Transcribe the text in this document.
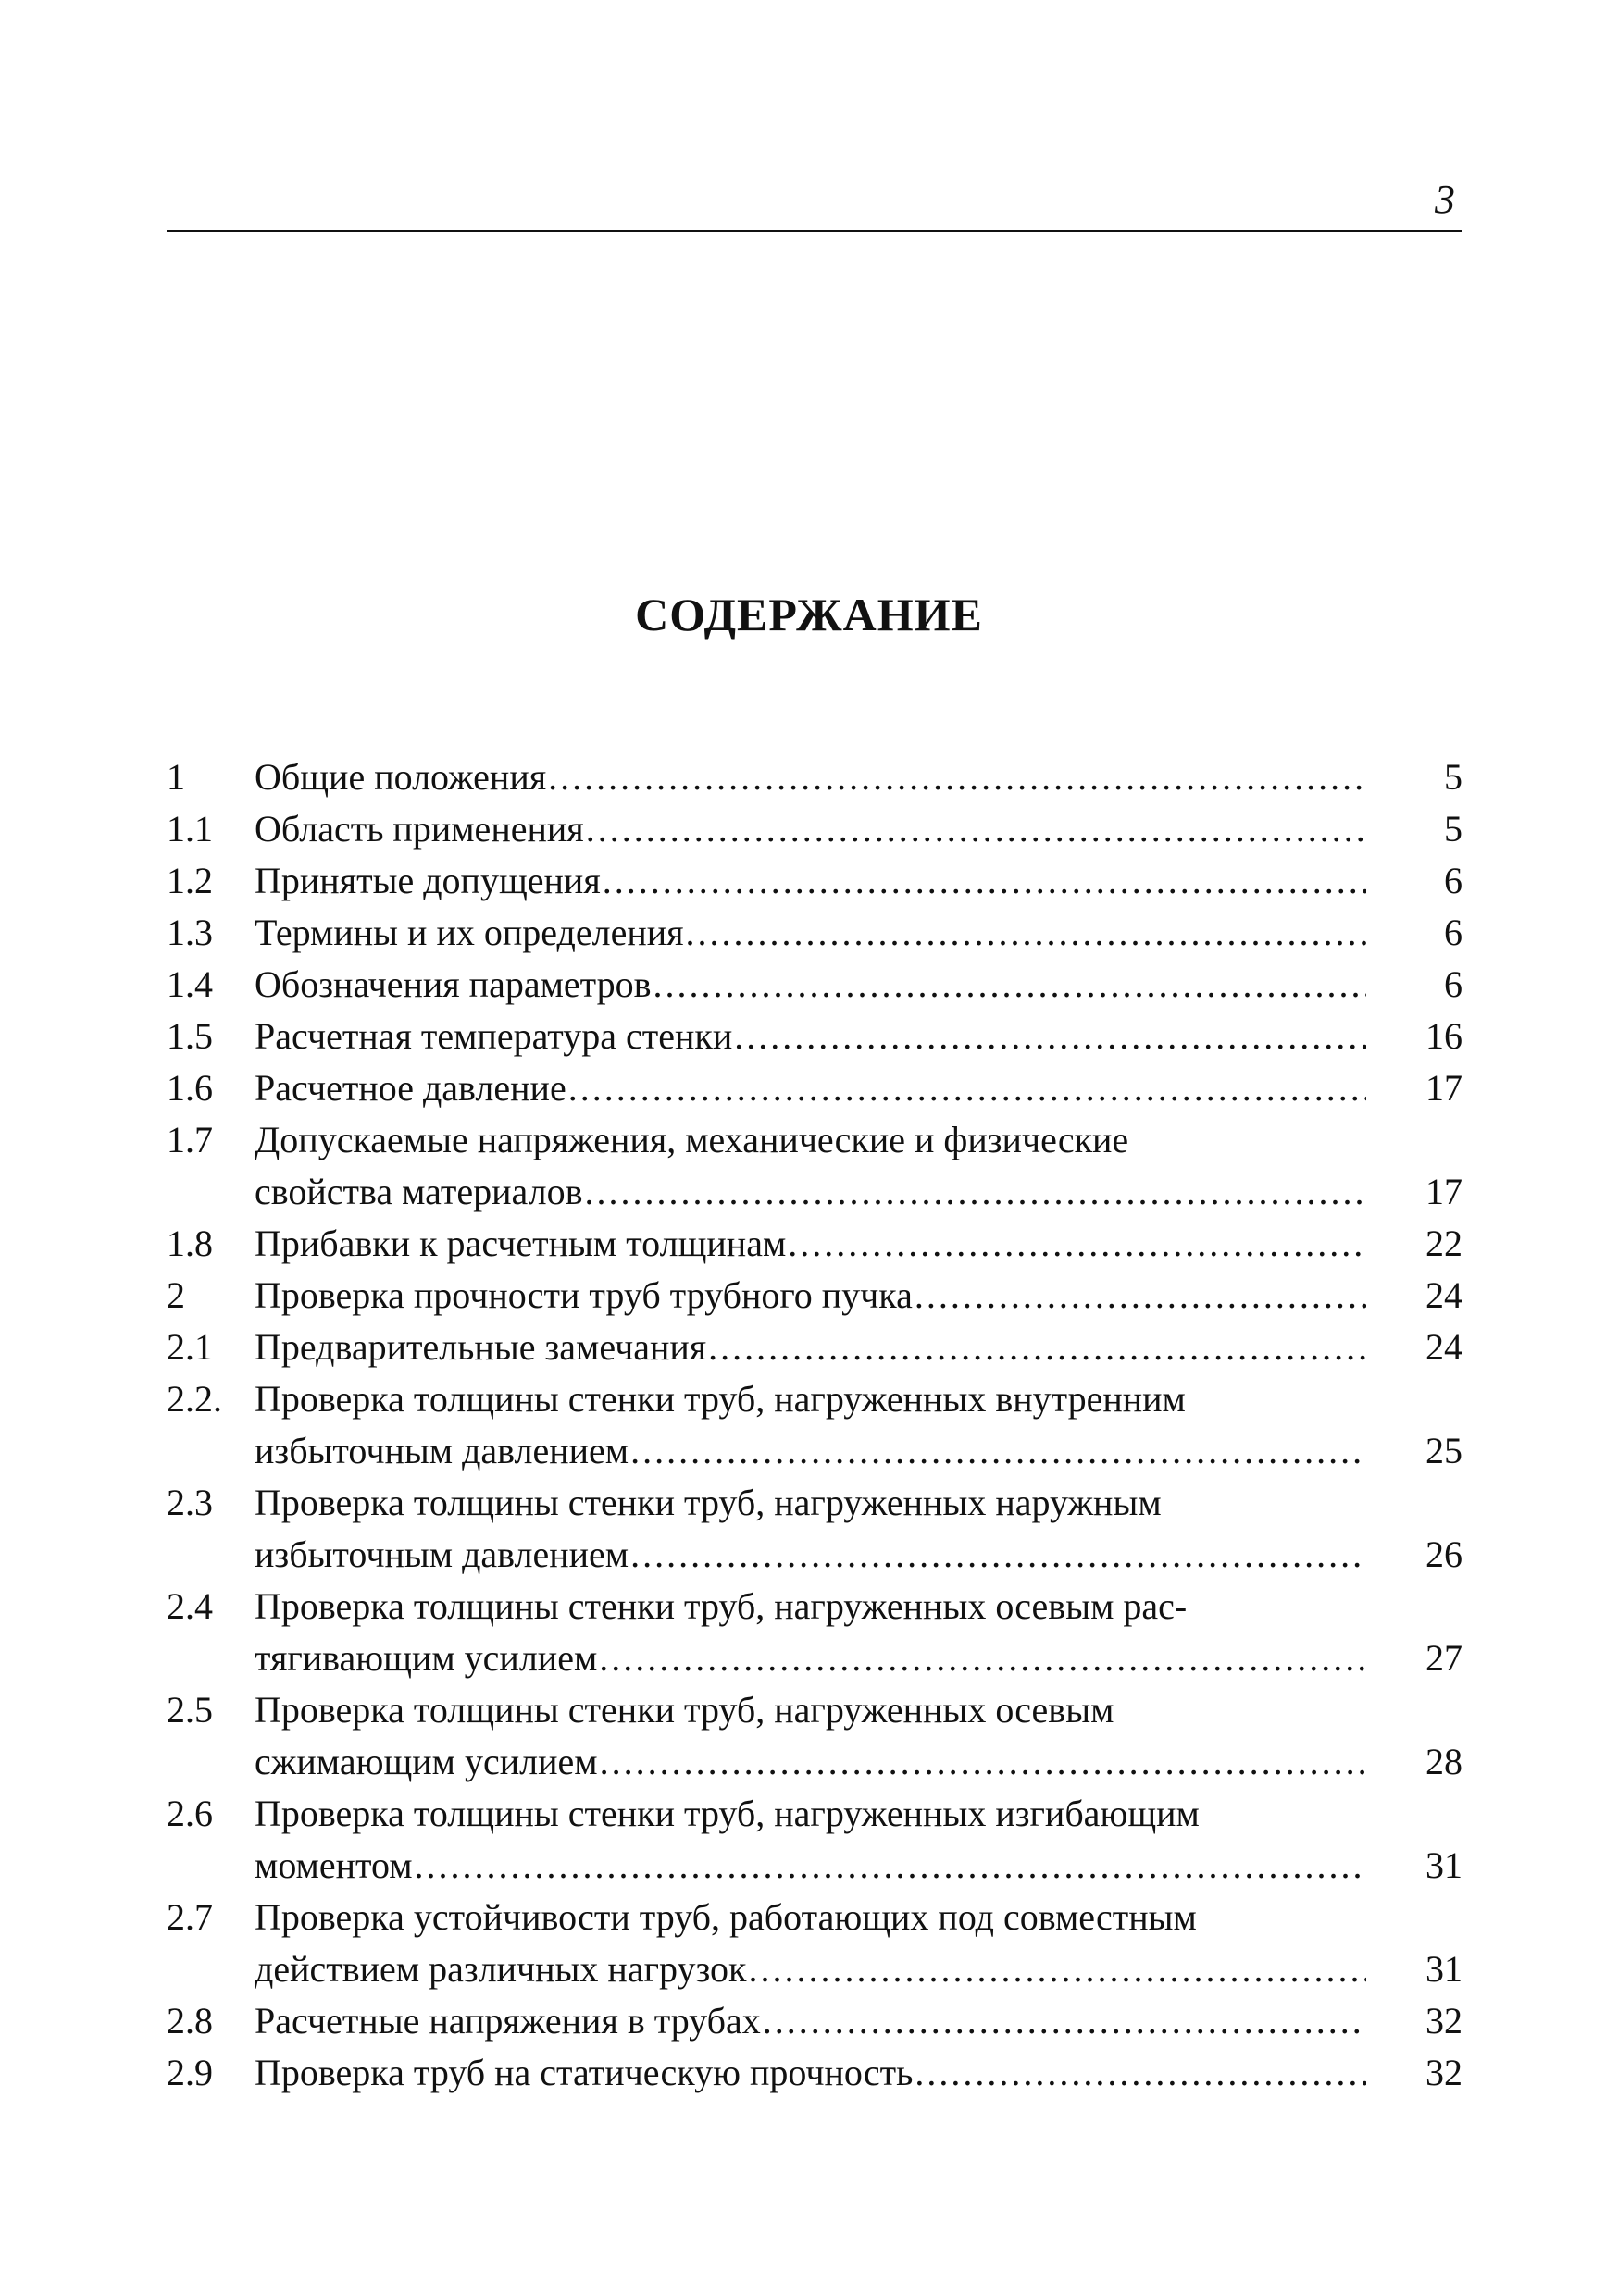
3
СОДЕРЖАНИЕ
1	Общие положения .....	5
1.1	Область применения .....	5
1.2	Принятые допущения .....	6
1.3	Термины и их определения .....	6
1.4	Обозначения параметров .....	6
1.5	Расчетная температура стенки .....	16
1.6	Расчетное давление .....	17
1.7	Допускаемые напряжения, механические и физические
свойства материалов .....	17
1.8	Прибавки к расчетным толщинам .....	22
2	Проверка прочности труб трубного пучка .....	24
2.1	Предварительные замечания .....	24
2.2. Проверка толщины стенки труб, нагруженных внутренним
избыточным давлением .....	25
2.3	Проверка толщины стенки труб, нагруженных наружным
избыточным давлением .....	26
2.4	Проверка толщины стенки труб, нагруженных осевым рас-
тягивающим усилием .....	27
2.5	Проверка толщины стенки труб, нагруженных осевым
сжимающим усилием .....	28
2.6	Проверка толщины стенки труб, нагруженных изгибающим
моментом .....	31
2.7	Проверка устойчивости труб, работающих под совместным
действием различных нагрузок .....	31
2.8	Расчетные напряжения в трубах .....	32
2.9	Проверка труб на статическую прочность .....	32
